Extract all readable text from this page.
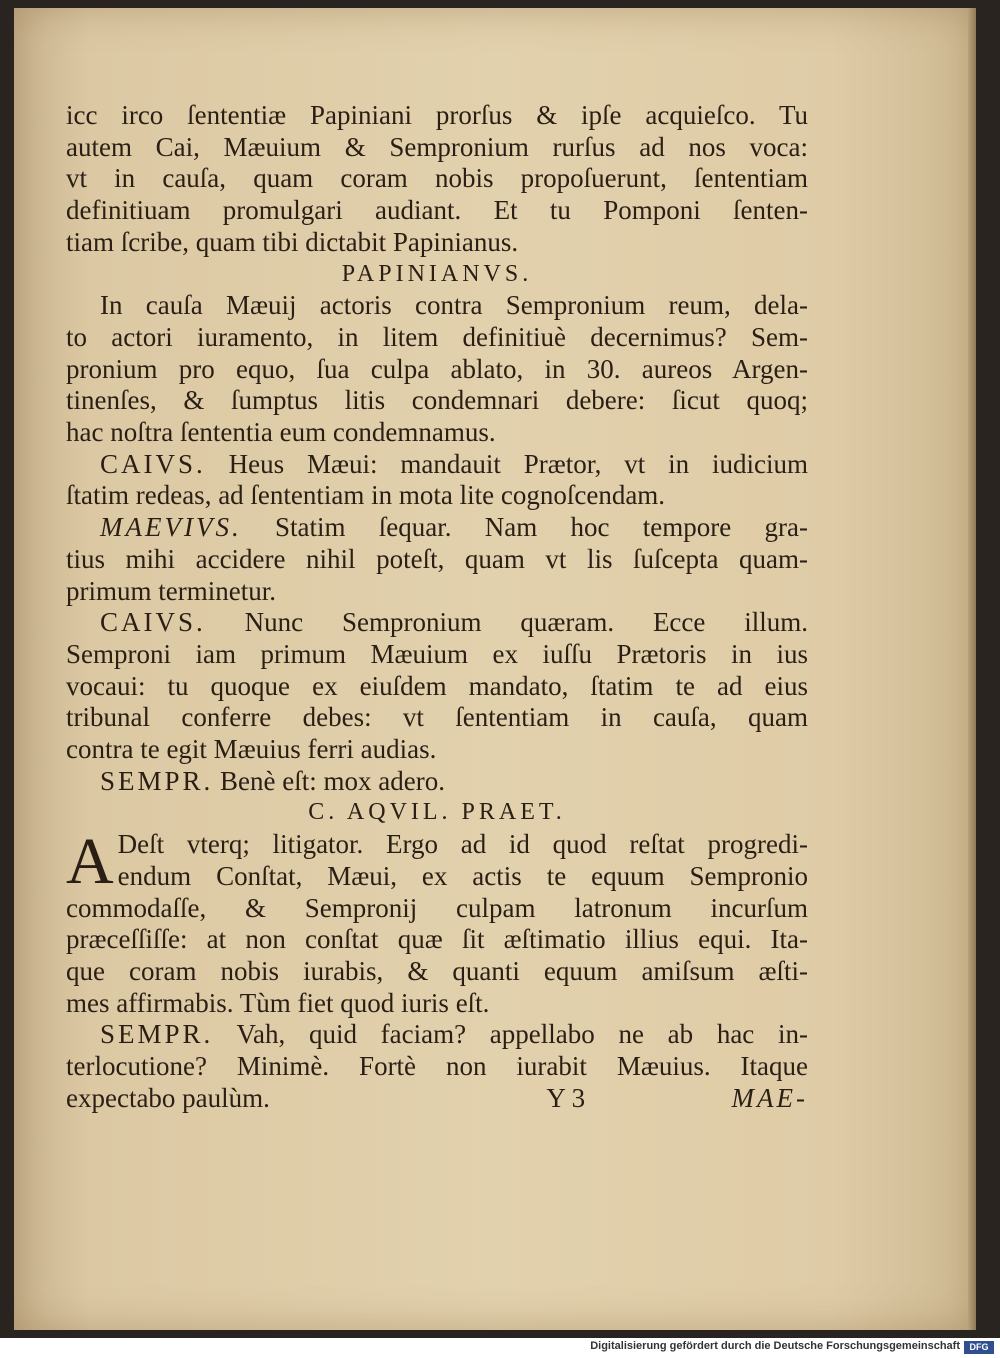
icc irco ſententiæ Papiniani prorſus & ipſe acquieſco. Tu
autem Cai, Mæuium & Sempronium rurſus ad nos voca:
vt in cauſa, quam coram nobis propoſuerunt, ſententiam
definitiuam promulgari audiant. Et tu Pomponi ſenten-
tiam ſcribe, quam tibi dictabit Papinianus.
PAPINIANVS.
In cauſa Mæuij actoris contra Sempronium reum, dela-
to actori iuramento, in litem definitiuè decernimus? Sem-
pronium pro equo, ſua culpa ablato, in 30. aureos Argen-
tinenſes, & ſumptus litis condemnari debere: ſicut quoq;
hac noſtra ſententia eum condemnamus.
CAIVS. Heus Mæui: mandauit Prætor, vt in iudicium
ſtatim redeas, ad ſententiam in mota lite cognoſcendam.
MAEVIVS. Statim ſequar. Nam hoc tempore gra-
tius mihi accidere nihil poteſt, quam vt lis ſuſcepta quam-
primum terminetur.
CAIVS. Nunc Sempronium quæram. Ecce illum.
Semproni iam primum Mæuium ex iuſſu Prætoris in ius
vocaui: tu quoque ex eiuſdem mandato, ſtatim te ad eius
tribunal conferre debes: vt ſententiam in cauſa, quam
contra te egit Mæuius ferri audias.
SEMPR. Benè eſt: mox adero.
C. AQVIL. PRAET.
A Deſt vterq; litigator. Ergo ad id quod reſtat progredi-
endum Conſtat, Mæui, ex actis te equum Sempronio
commodaſſe, & Sempronij culpam latronum incurſum
præceſſiſſe: at non conſtat quæ ſit æſtimatio illius equi. Ita-
que coram nobis iurabis, & quanti equum amiſsum æſti-
mes affirmabis. Tùm fiet quod iuris eſt.
SEMPR. Vah, quid faciam? appellabo ne ab hac in-
terlocutione? Minimè. Fortè non iurabit Mæuius. Itaque
expectabo paulùm.	Y 3	MAE-
Digitalisierung gefördert durch die Deutsche Forschungsgemeinschaft	DFG
